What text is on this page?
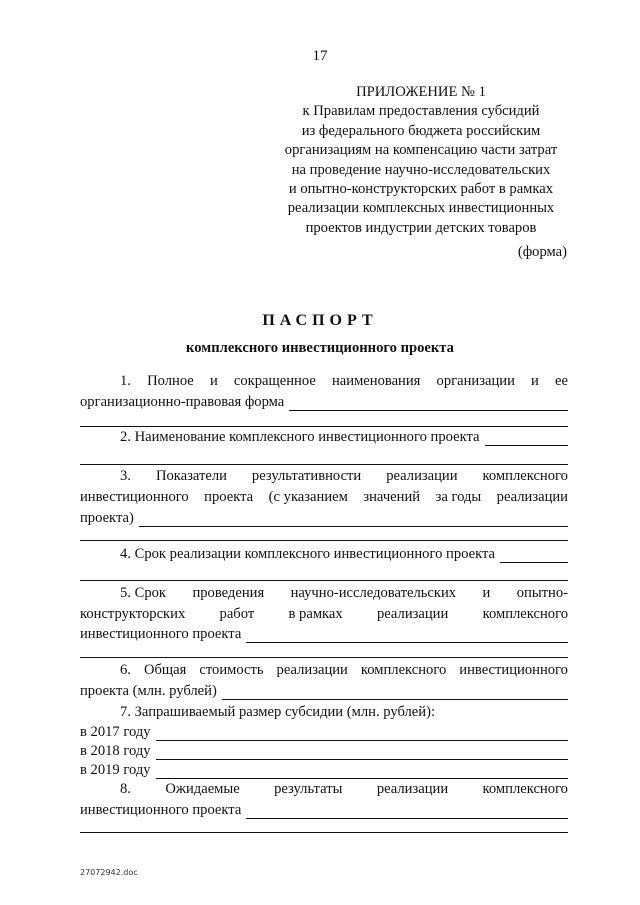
17
ПРИЛОЖЕНИЕ № 1
к Правилам предоставления субсидий
из федерального бюджета российским
организациям на компенсацию части затрат
на проведение научно-исследовательских
и опытно-конструкторских работ в рамках
реализации комплексных инвестиционных
проектов индустрии детских товаров
(форма)
ПАСПОРТ
комплексного инвестиционного проекта
1. Полное и сокращенное наименования организации и ее
организационно-правовая форма
2. Наименование комплексного инвестиционного проекта
3. Показатели результативности реализации комплексного
инвестиционного проекта (с указанием значений за годы реализации
проекта)
4. Срок реализации комплексного инвестиционного проекта
5. Срок проведения научно-исследовательских и опытно-
конструкторских работ в рамках реализации комплексного
инвестиционного проекта
6. Общая стоимость реализации комплексного инвестиционного
проекта (млн. рублей)
7. Запрашиваемый размер субсидии (млн. рублей):
в 2017 году
в 2018 году
в 2019 году
8. Ожидаемые результаты реализации комплексного
инвестиционного проекта
27072942.doc
